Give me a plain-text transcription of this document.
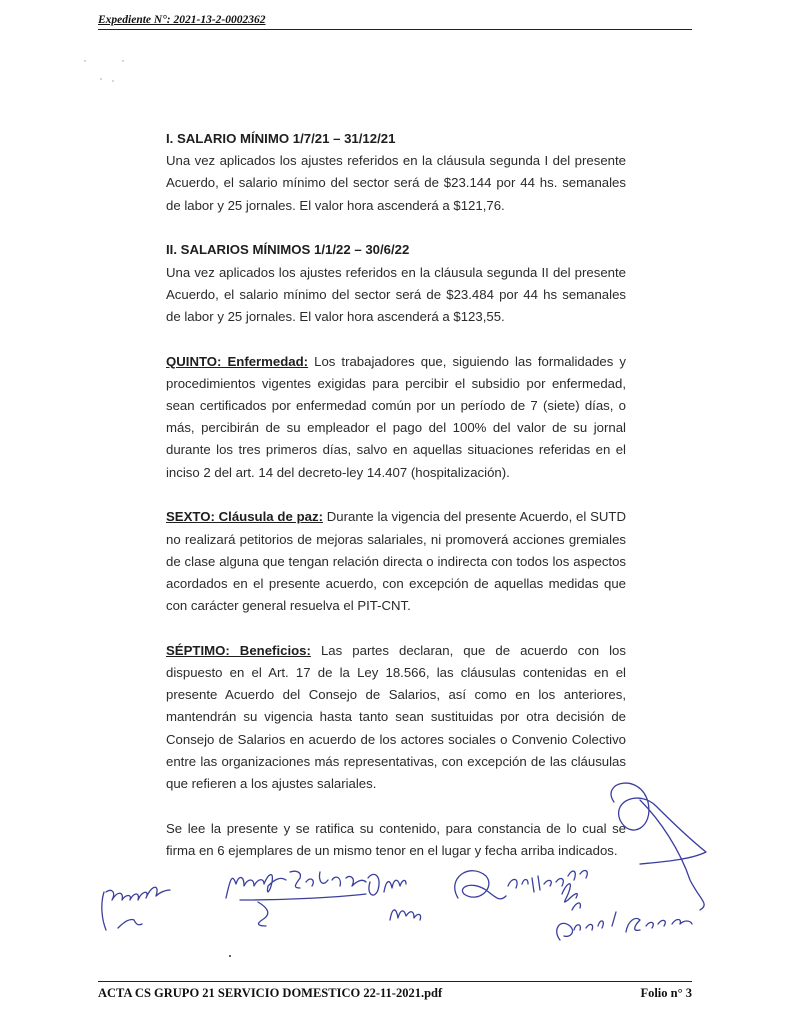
Expediente N°: 2021-13-2-0002362
I. SALARIO MÍNIMO 1/7/21 – 31/12/21
Una vez aplicados los ajustes referidos en la cláusula segunda I del presente Acuerdo, el salario mínimo del sector será de $23.144 por 44 hs. semanales de labor y 25 jornales. El valor hora ascenderá a $121,76.
II. SALARIOS MÍNIMOS 1/1/22 – 30/6/22
Una vez aplicados los ajustes referidos en la cláusula segunda II del presente Acuerdo, el salario mínimo del sector será de $23.484 por 44 hs semanales de labor y 25 jornales. El valor hora ascenderá a $123,55.
QUINTO: Enfermedad: Los trabajadores que, siguiendo las formalidades y procedimientos vigentes exigidas para percibir el subsidio por enfermedad, sean certificados por enfermedad común por un período de 7 (siete) días, o más, percibirán de su empleador el pago del 100% del valor de su jornal durante los tres primeros días, salvo en aquellas situaciones referidas en el inciso 2 del art. 14 del decreto-ley 14.407 (hospitalización).
SEXTO: Cláusula de paz: Durante la vigencia del presente Acuerdo, el SUTD no realizará petitorios de mejoras salariales, ni promoverá acciones gremiales de clase alguna que tengan relación directa o indirecta con todos los aspectos acordados en el presente acuerdo, con excepción de aquellas medidas que con carácter general resuelva el PIT-CNT.
SÉPTIMO: Beneficios: Las partes declaran, que de acuerdo con los dispuesto en el Art. 17 de la Ley 18.566, las cláusulas contenidas en el presente Acuerdo del Consejo de Salarios, así como en los anteriores, mantendrán su vigencia hasta tanto sean sustituidas por otra decisión de Consejo de Salarios en acuerdo de los actores sociales o Convenio Colectivo entre las organizaciones más representativas, con excepción de las cláusulas que refieren a los ajustes salariales.
Se lee la presente y se ratifica su contenido, para constancia de lo cual se firma en 6 ejemplares de un mismo tenor en el lugar y fecha arriba indicados.
ACTA CS GRUPO 21 SERVICIO DOMESTICO 22-11-2021.pdf	Folio n° 3
